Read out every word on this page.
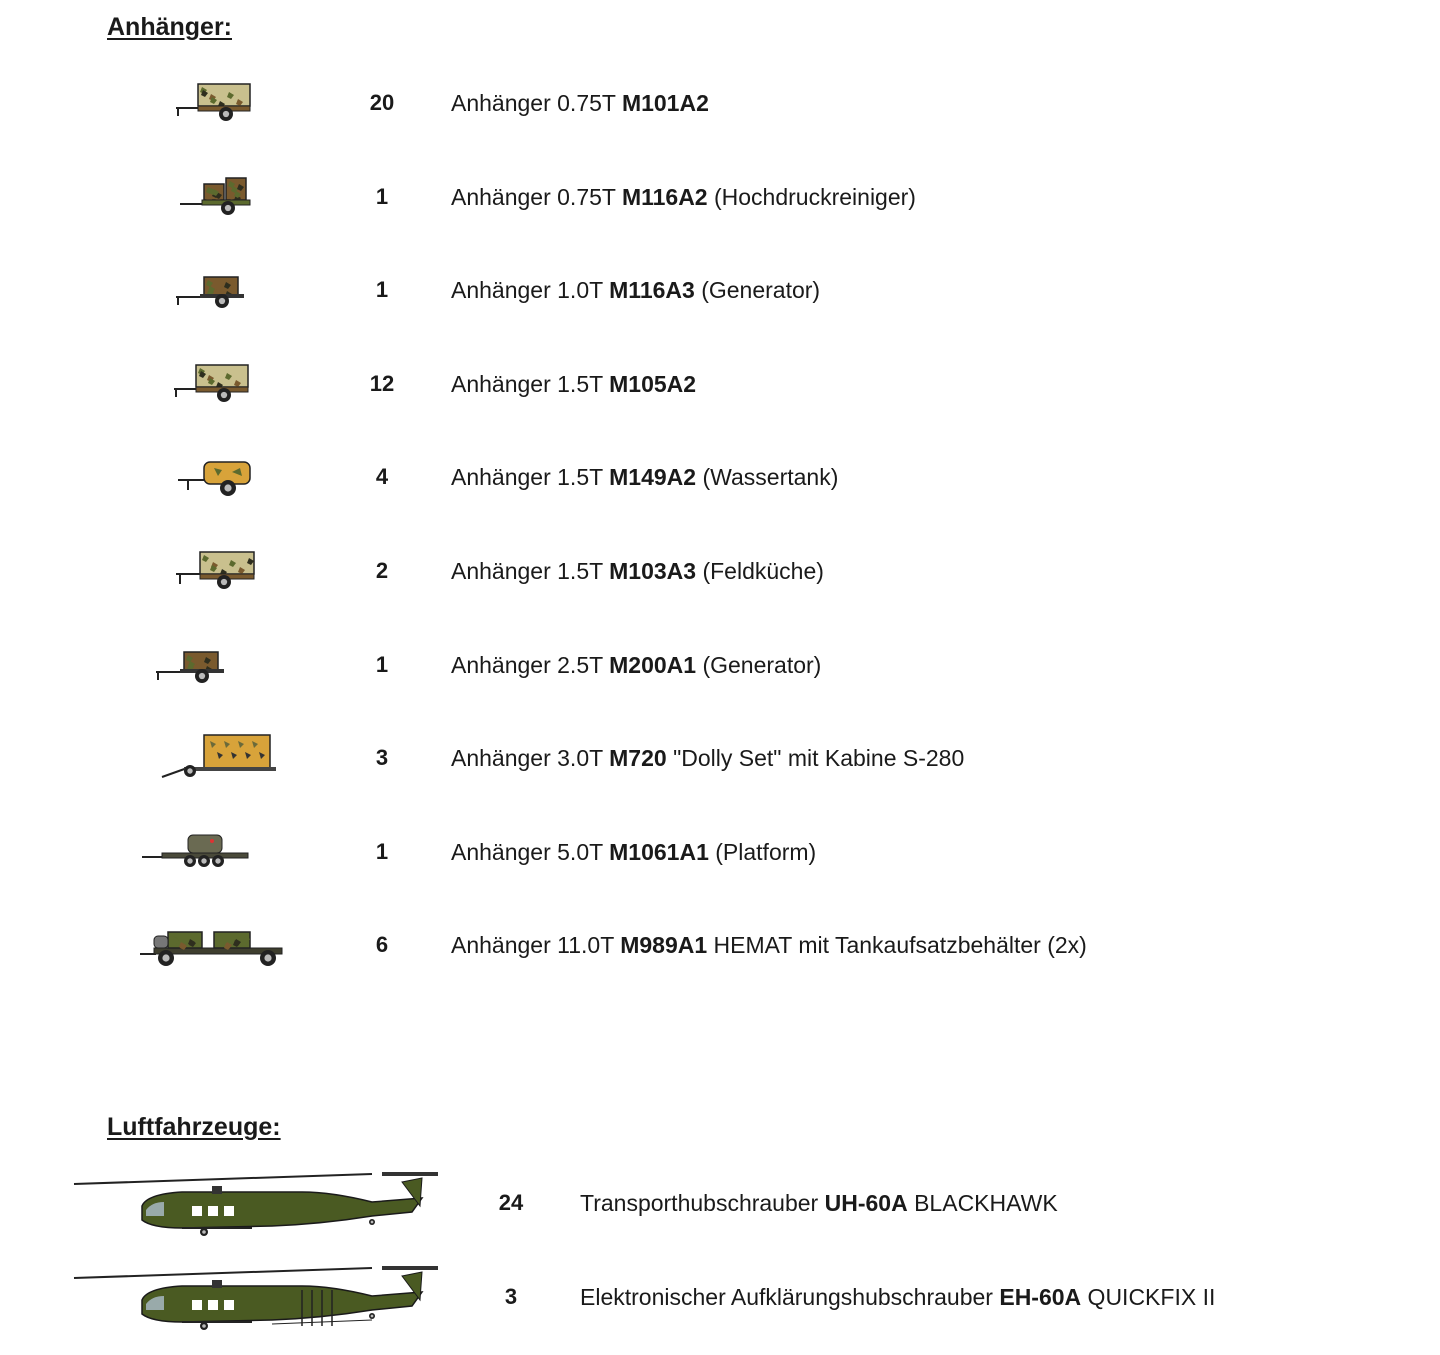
Anhänger:
20	Anhänger 0.75T M101A2
1	Anhänger 0.75T M116A2 (Hochdruckreiniger)
1	Anhänger 1.0T M116A3 (Generator)
12	Anhänger 1.5T M105A2
4	Anhänger 1.5T M149A2 (Wassertank)
2	Anhänger 1.5T M103A3 (Feldküche)
1	Anhänger 2.5T M200A1 (Generator)
3	Anhänger 3.0T M720 "Dolly Set" mit Kabine S-280
1	Anhänger 5.0T M1061A1 (Platform)
6	Anhänger 11.0T M989A1 HEMAT mit Tankaufsatzbehälter (2x)
Luftfahrzeuge:
24	Transporthubschrauber UH-60A BLACKHAWK
3	Elektronischer Aufklärungshubschrauber EH-60A QUICKFIX II
